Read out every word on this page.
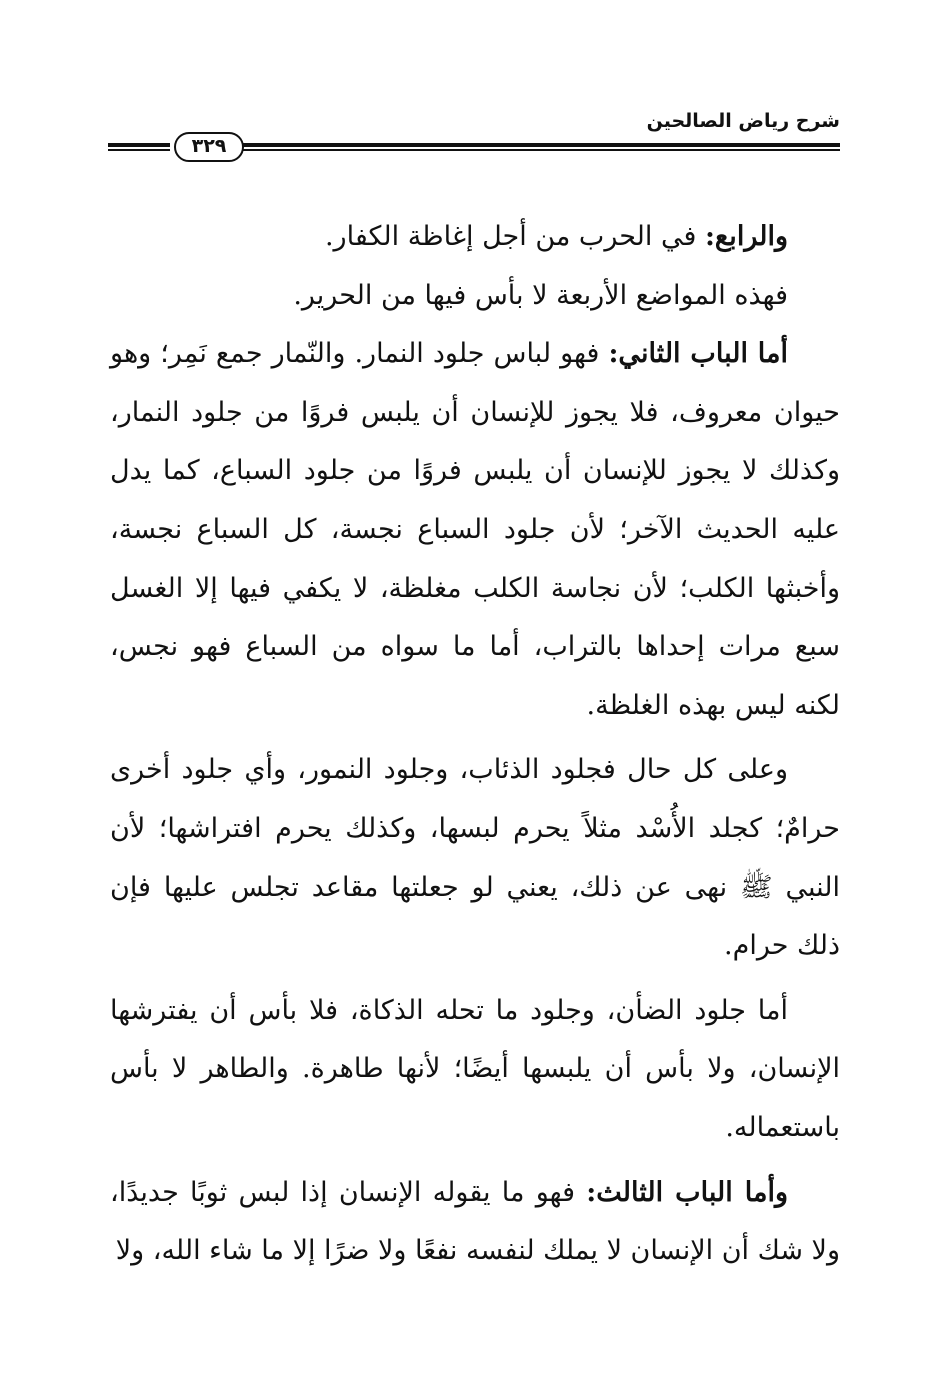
شرح رياض الصالحين
٣٢٩

والرابع: في الحرب من أجل إغاظة الكفار.

فهذه المواضع الأربعة لا بأس فيها من الحرير.

أما الباب الثاني: فهو لباس جلود النمار. والنّمار جمع نَمِر؛ وهو حيوان معروف، فلا يجوز للإنسان أن يلبس فروًا من جلود النمار، وكذلك لا يجوز للإنسان أن يلبس فروًا من جلود السباع، كما يدل عليه الحديث الآخر؛ لأن جلود السباع نجسة، كل السباع نجسة، وأخبثها الكلب؛ لأن نجاسة الكلب مغلظة، لا يكفي فيها إلا الغسل سبع مرات إحداها بالتراب، أما ما سواه من السباع فهو نجس، لكنه ليس بهذه الغلظة.

وعلى كل حال فجلود الذئاب، وجلود النمور، وأي جلود أخرى حرامٌ؛ كجلد الأُسْد مثلاً يحرم لبسها، وكذلك يحرم افتراشها؛ لأن النبي ﷺ نهى عن ذلك، يعني لو جعلتها مقاعد تجلس عليها فإن ذلك حرام.

أما جلود الضأن، وجلود ما تحله الذكاة، فلا بأس أن يفترشها الإنسان، ولا بأس أن يلبسها أيضًا؛ لأنها طاهرة. والطاهر لا بأس باستعماله.

وأما الباب الثالث: فهو ما يقوله الإنسان إذا لبس ثوبًا جديدًا، ولا شك أن الإنسان لا يملك لنفسه نفعًا ولا ضرًا إلا ما شاء الله، ولا
